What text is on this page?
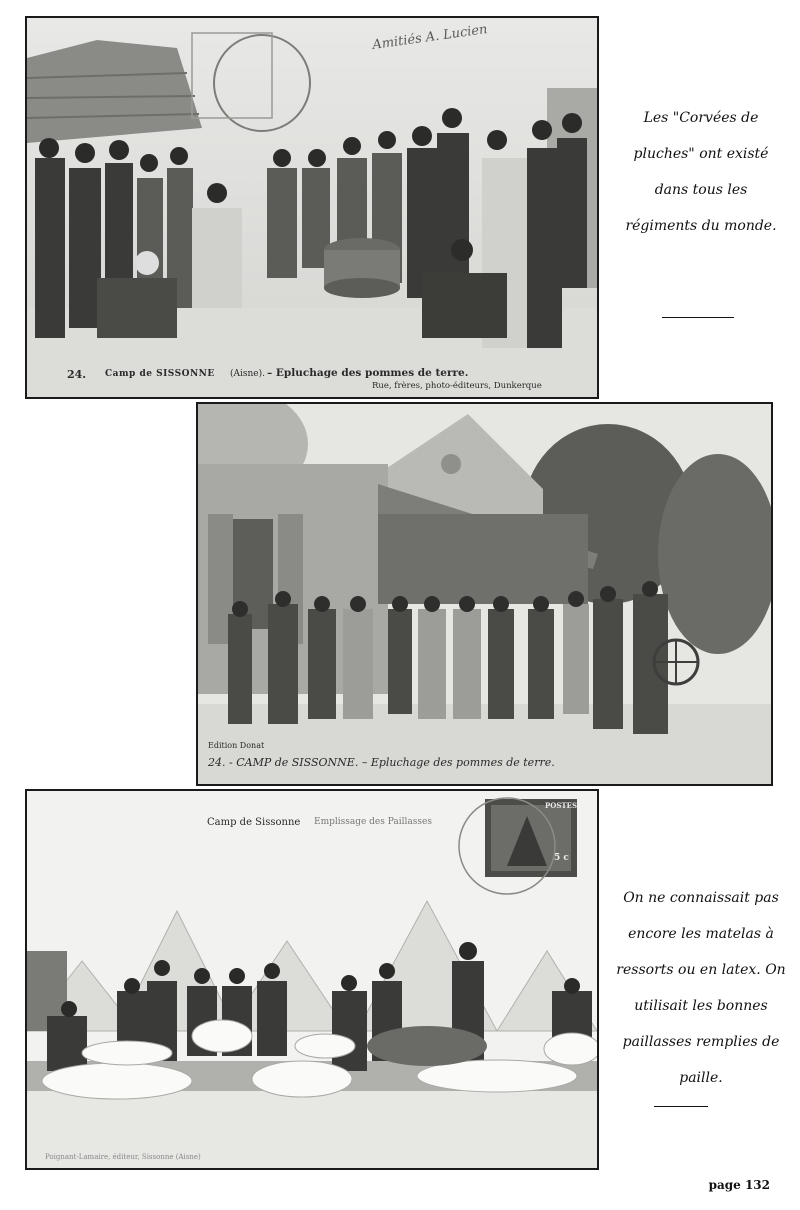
24. Camp de SISSONNE (Aisne). – Epluchage des pommes de terre.
Rue, frères, photo-éditeurs, Dunkerque
Amitiés A. Lucien
Les "Corvées de
pluches" ont existé
dans tous les
régiments du monde.
Edition Donat
24. - CAMP de SISSONNE. – Epluchage des pommes de terre.
Camp de Sissonne Emplissage des Paillasses
POSTES
5 c
Poignant-Lamaire, éditeur, Sissonne (Aisne)
On ne connaissait pas
encore les matelas à
ressorts ou en latex. On
utilisait les bonnes
paillasses remplies de
paille.
page 132
